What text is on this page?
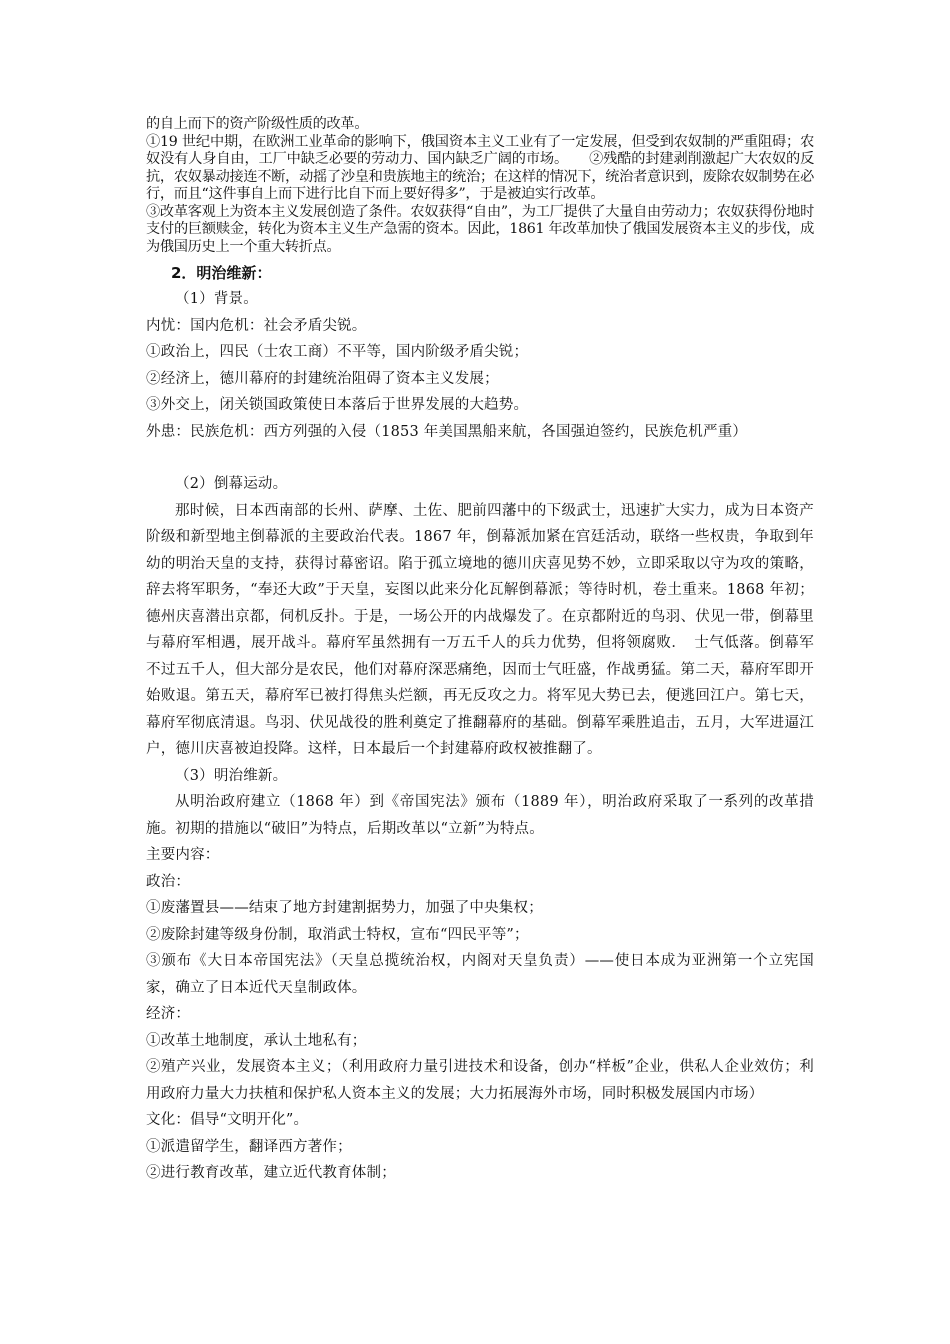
的自上而下的资产阶级性质的改革。

①19 世纪中期，在欧洲工业革命的影响下，俄国资本主义工业有了一定发展，但受到农奴制的严重阻碍；农奴没有人身自由，工厂中缺乏必要的劳动力、国内缺乏广阔的市场。　　②残酷的封建剥削激起广大农奴的反抗，农奴暴动接连不断，动摇了沙皇和贵族地主的统治；在这样的情况下，统治者意识到，废除农奴制势在必行，而且“这件事自上而下进行比自下而上要好得多”，于是被迫实行改革。

③改革客观上为资本主义发展创造了条件。农奴获得“自由”，为工厂提供了大量自由劳动力；农奴获得份地时支付的巨额赎金，转化为资本主义生产急需的资本。因此，1861 年改革加快了俄国发展资本主义的步伐，成为俄国历史上一个重大转折点。

2．明治维新：

（1）背景。

内忧：国内危机：社会矛盾尖锐。

①政治上，四民（士农工商）不平等，国内阶级矛盾尖锐；

②经济上，德川幕府的封建统治阻碍了资本主义发展；

③外交上，闭关锁国政策使日本落后于世界发展的大趋势。

外患：民族危机：西方列强的入侵（1853 年美国黑船来航，各国强迫签约，民族危机严重）

（2）倒幕运动。

那时候，日本西南部的长州、萨摩、土佐、肥前四藩中的下级武士，迅速扩大实力，成为日本资产阶级和新型地主倒幕派的主要政治代表。1867 年，倒幕派加紧在宫廷活动，联络一些权贵，争取到年幼的明治天皇的支持，获得讨幕密诏。陷于孤立境地的德川庆喜见势不妙，立即采取以守为攻的策略，辞去将军职务，“奉还大政”于天皇，妄图以此来分化瓦解倒幕派；等待时机，卷土重来。1868 年初；德州庆喜潜出京都，伺机反扑。于是，一场公开的内战爆发了。在京都附近的鸟羽、伏见一带，倒幕里与幕府军相遇，展开战斗。幕府军虽然拥有一万五千人的兵力优势，但将领腐败．　士气低落。倒幕军不过五千人，但大部分是农民，他们对幕府深恶痛绝，因而士气旺盛，作战勇猛。第二天，幕府军即开始败退。第五天，幕府军已被打得焦头烂额，再无反攻之力。将军见大势已去，便逃回江户。第七天，幕府军彻底清退。鸟羽、伏见战役的胜利奠定了推翻幕府的基础。倒幕军乘胜追击，五月，大军进逼江户，德川庆喜被迫投降。这样，日本最后一个封建幕府政权被推翻了。

（3）明治维新。

从明治政府建立（1868 年）到《帝国宪法》颁布（1889 年），明治政府采取了一系列的改革措施。初期的措施以“破旧”为特点，后期改革以“立新”为特点。

主要内容：

政治：

①废藩置县——结束了地方封建割据势力，加强了中央集权；

②废除封建等级身份制，取消武士特权，宣布“四民平等”；

③颁布《大日本帝国宪法》（天皇总揽统治权，内阁对天皇负责）——使日本成为亚洲第一个立宪国家，确立了日本近代天皇制政体。

经济：

①改革土地制度，承认土地私有；

②殖产兴业，发展资本主义；（利用政府力量引进技术和设备，创办“样板”企业，供私人企业效仿；利用政府力量大力扶植和保护私人资本主义的发展；大力拓展海外市场，同时积极发展国内市场）

文化：倡导“文明开化”。

①派遣留学生，翻译西方著作；

②进行教育改革，建立近代教育体制；
